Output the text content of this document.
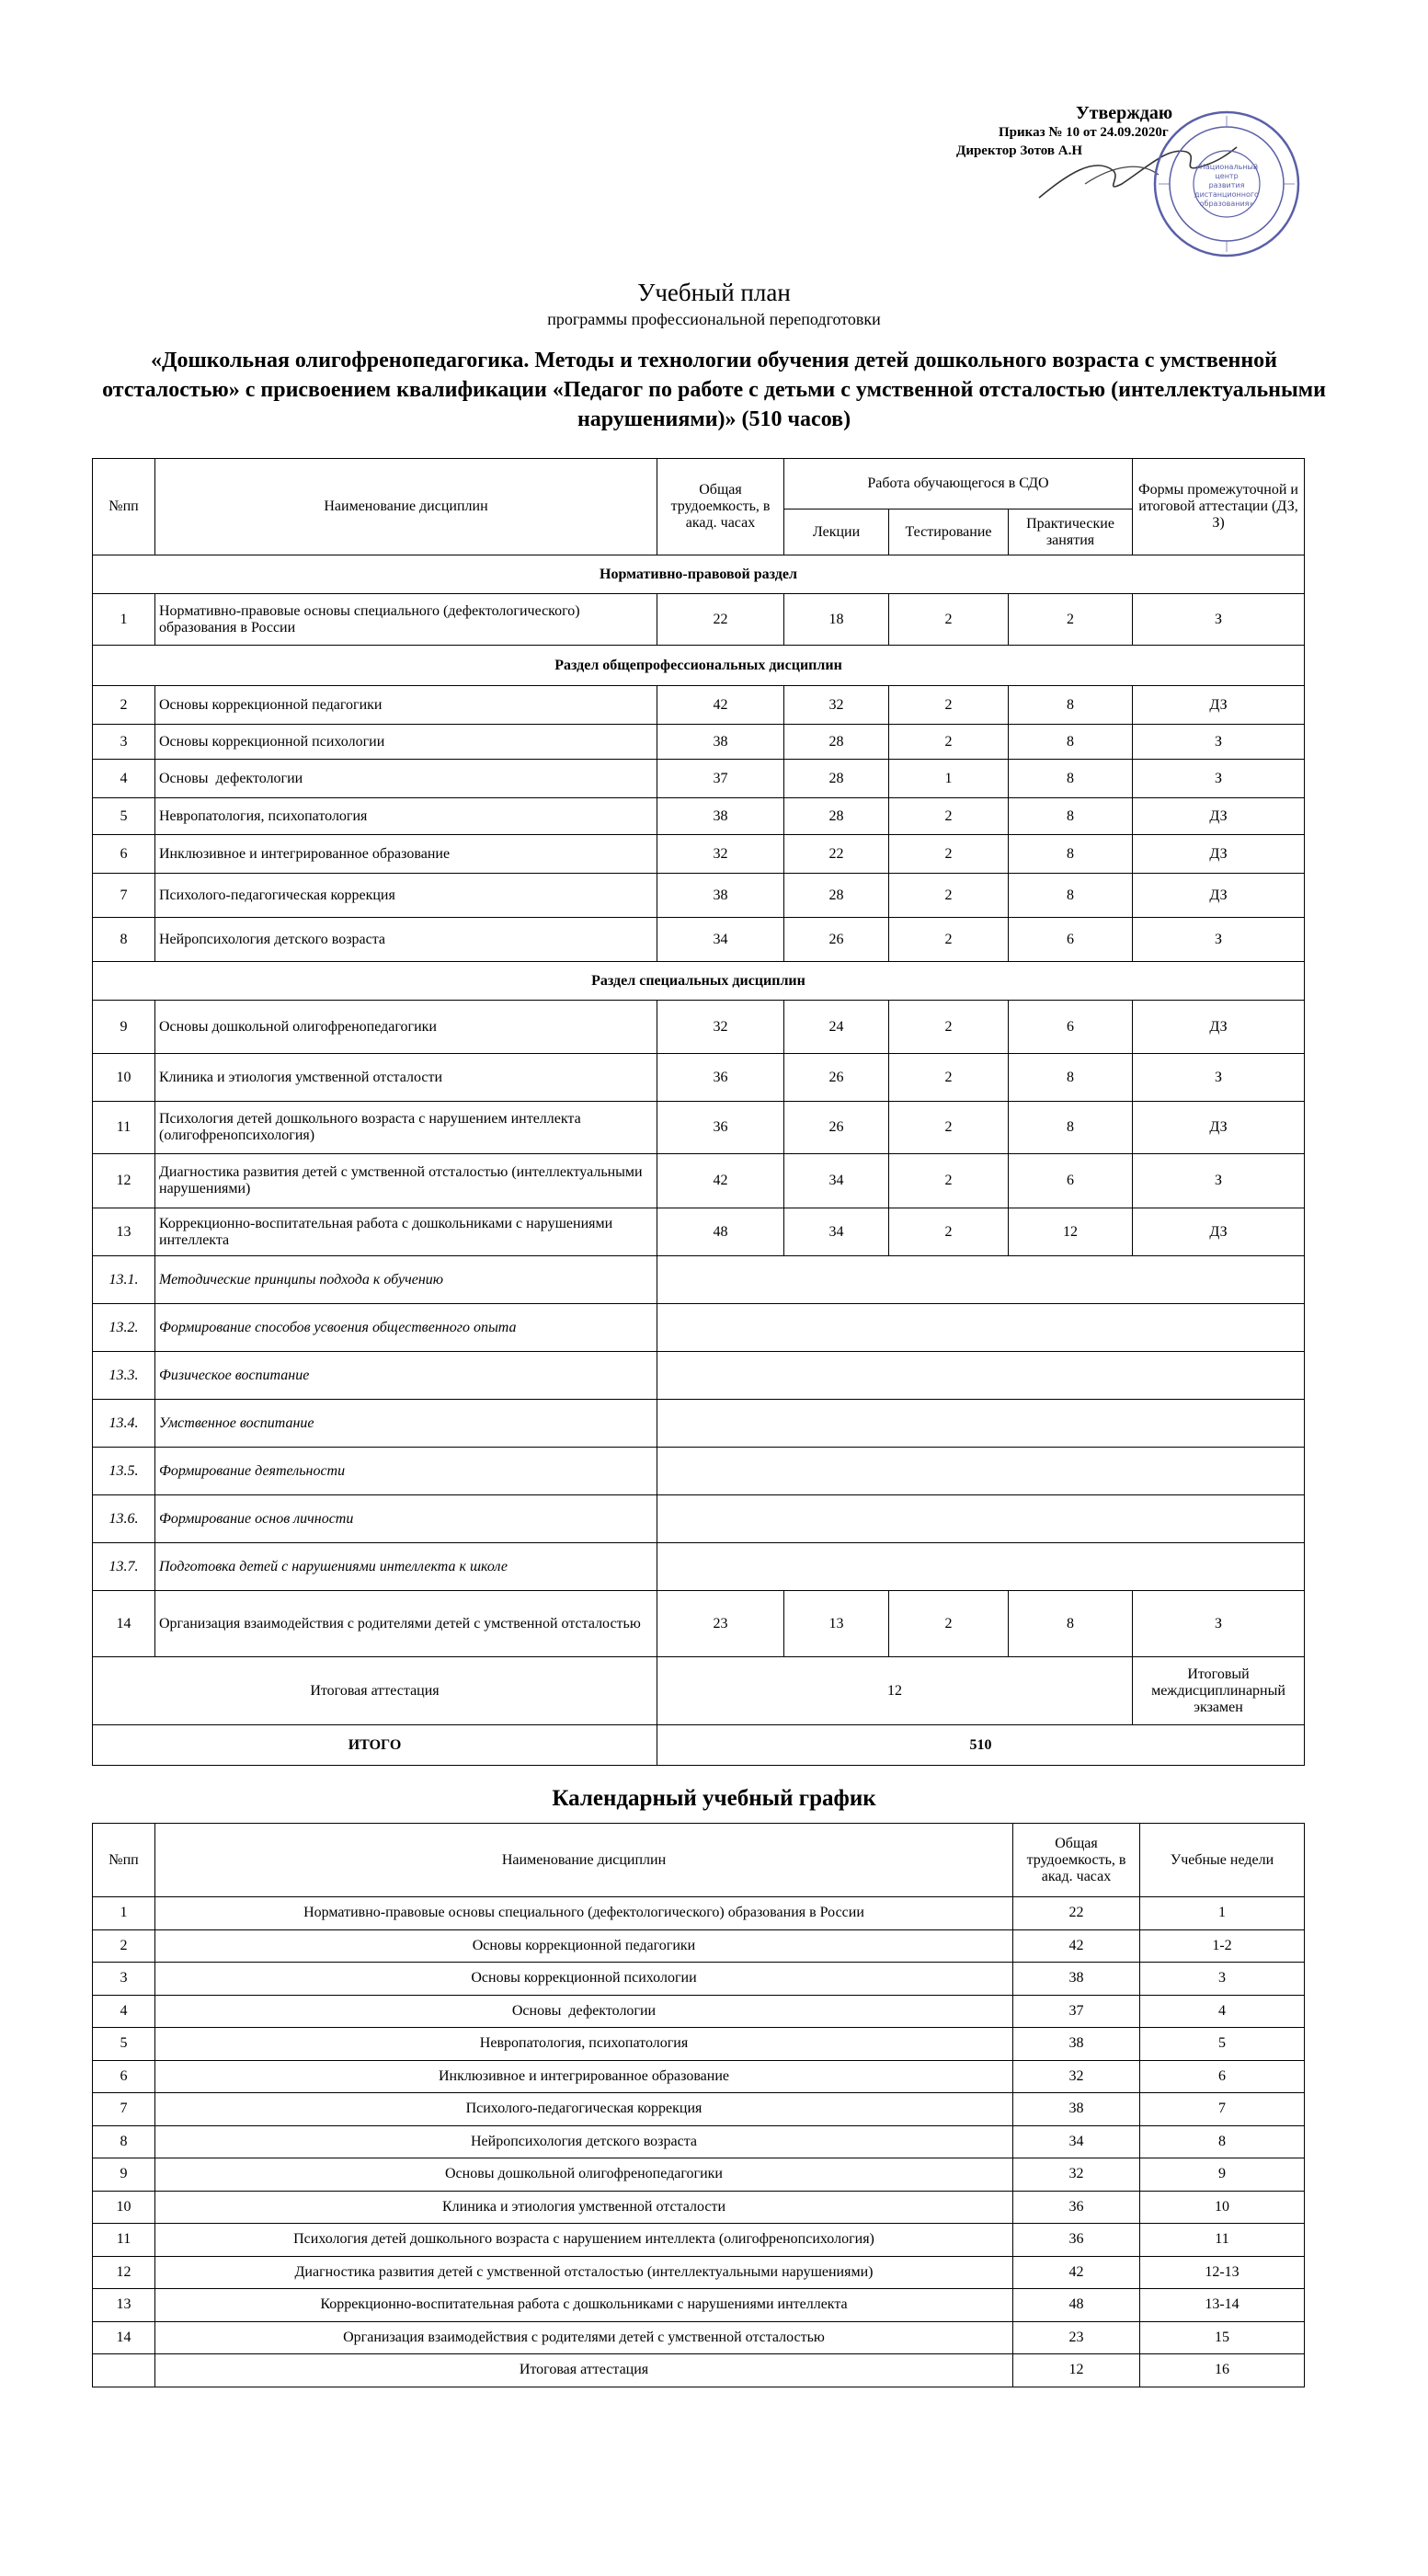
Утверждаю
Приказ № 10 от 24.09.2020г
Директор Зотов А.Н
«Национальный
центр
развития
дистанционного
образования»
Учебный план
программы профессиональной переподготовки
«Дошкольная олигофренопедагогика. Методы и технологии обучения детей дошкольного возраста с умственной отсталостью» с присвоением квалификации «Педагог по работе с детьми с умственной отсталостью (интеллектуальными нарушениями)» (510 часов)
№пп	Наименование дисциплин	Общая трудоемкость, в акад. часах	Работа обучающегося в СДО			Формы промежуточной и итоговой аттестации (ДЗ, З)
			Лекции	Тестирование	Практические занятия	
Нормативно-правовой раздел						
1	Нормативно-правовые основы специального (дефектологического) образования в России	22	18	2	2	З
Раздел общепрофессиональных дисциплин						
2	Основы коррекционной педагогики	42	32	2	8	ДЗ
3	Основы коррекционной психологии	38	28	2	8	З
4	Основы  дефектологии	37	28	1	8	З
5	Невропатология, психопатология	38	28	2	8	ДЗ
6	Инклюзивное и интегрированное образование	32	22	2	8	ДЗ
7	Психолого-педагогическая коррекция	38	28	2	8	ДЗ
8	Нейропсихология детского возраста	34	26	2	6	З
Раздел специальных дисциплин						
9	Основы дошкольной олигофренопедагогики	32	24	2	6	ДЗ
10	Клиника и этиология умственной отсталости	36	26	2	8	З
11	Психология детей дошкольного возраста с нарушением интеллекта (олигофренопсихология)	36	26	2	8	ДЗ
12	Диагностика развития детей с умственной отсталостью (интеллектуальными нарушениями)	42	34	2	6	З
13	Коррекционно-воспитательная работа с дошкольниками с нарушениями интеллекта	48	34	2	12	ДЗ
13.1.	Методические принципы подхода к обучению					
13.2.	Формирование способов усвоения общественного опыта					
13.3.	Физическое воспитание					
13.4.	Умственное воспитание					
13.5.	Формирование деятельности					
13.6.	Формирование основ личности					
13.7.	Подготовка детей с нарушениями интеллекта к школе					
14	Организация взаимодействия с родителями детей с умственной отсталостью	23	13	2	8	З
Итоговая аттестация		12				Итоговый междисциплинарный экзамен
ИТОГО		510				
Календарный учебный график
№пп	Наименование дисциплин	Общая трудоемкость, в акад. часах	Учебные недели
1	Нормативно-правовые основы специального (дефектологического) образования в России	22	1
2	Основы коррекционной педагогики	42	1-2
3	Основы коррекционной психологии	38	3
4	Основы  дефектологии	37	4
5	Невропатология, психопатология	38	5
6	Инклюзивное и интегрированное образование	32	6
7	Психолого-педагогическая коррекция	38	7
8	Нейропсихология детского возраста	34	8
9	Основы дошкольной олигофренопедагогики	32	9
10	Клиника и этиология умственной отсталости	36	10
11	Психология детей дошкольного возраста с нарушением интеллекта (олигофренопсихология)	36	11
12	Диагностика развития детей с умственной отсталостью (интеллектуальными нарушениями)	42	12-13
13	Коррекционно-воспитательная работа с дошкольниками с нарушениями интеллекта	48	13-14
14	Организация взаимодействия с родителями детей с умственной отсталостью	23	15
	Итоговая аттестация	12	16
